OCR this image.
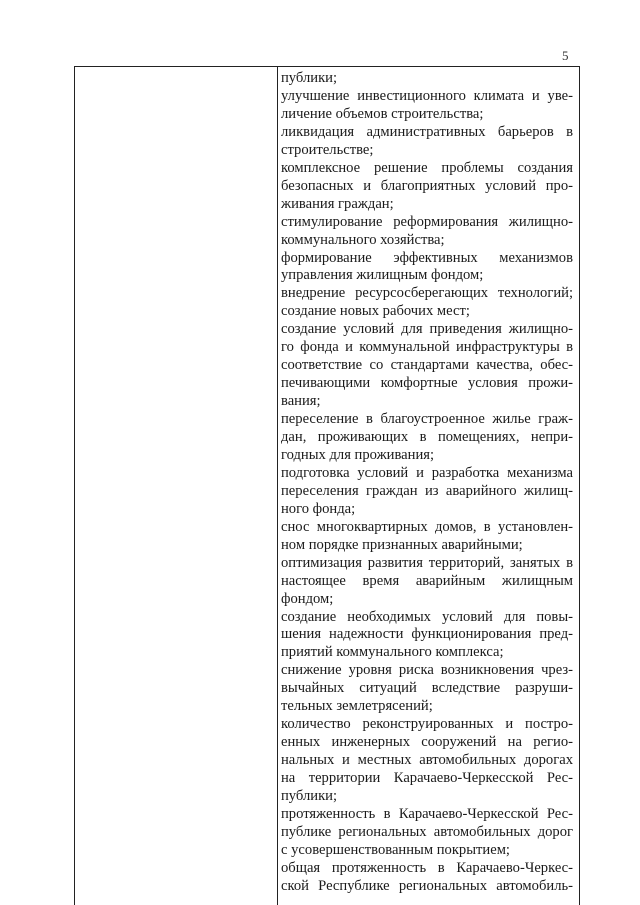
5
публики;
улучшение инвестиционного климата и уве-
личение объемов строительства;
ликвидация административных барьеров в
строительстве;
комплексное решение проблемы создания
безопасных и благоприятных условий про-
живания граждан;
стимулирование реформирования жилищно-
коммунального хозяйства;
формирование эффективных механизмов
управления жилищным фондом;
внедрение ресурсосберегающих технологий;
создание новых рабочих мест;
создание условий для приведения жилищно-
го фонда и коммунальной инфраструктуры в
соответствие со стандартами качества, обес-
печивающими комфортные условия прожи-
вания;
переселение в благоустроенное жилье граж-
дан, проживающих в помещениях, непри-
годных для проживания;
подготовка условий и разработка механизма
переселения граждан из аварийного жилищ-
ного фонда;
снос многоквартирных домов, в установлен-
ном порядке признанных аварийными;
оптимизация развития территорий, занятых в
настоящее время аварийным жилищным
фондом;
создание необходимых условий для повы-
шения надежности функционирования пред-
приятий коммунального комплекса;
снижение уровня риска возникновения чрез-
вычайных ситуаций вследствие разруши-
тельных землетрясений;
количество реконструированных и постро-
енных инженерных сооружений на регио-
нальных и местных автомобильных дорогах
на территории Карачаево-Черкесской Рес-
публики;
протяженность в Карачаево-Черкесской Рес-
публике региональных автомобильных дорог
с усовершенствованным покрытием;
общая протяженность в Карачаево-Черкес-
ской Республике региональных автомобиль-
